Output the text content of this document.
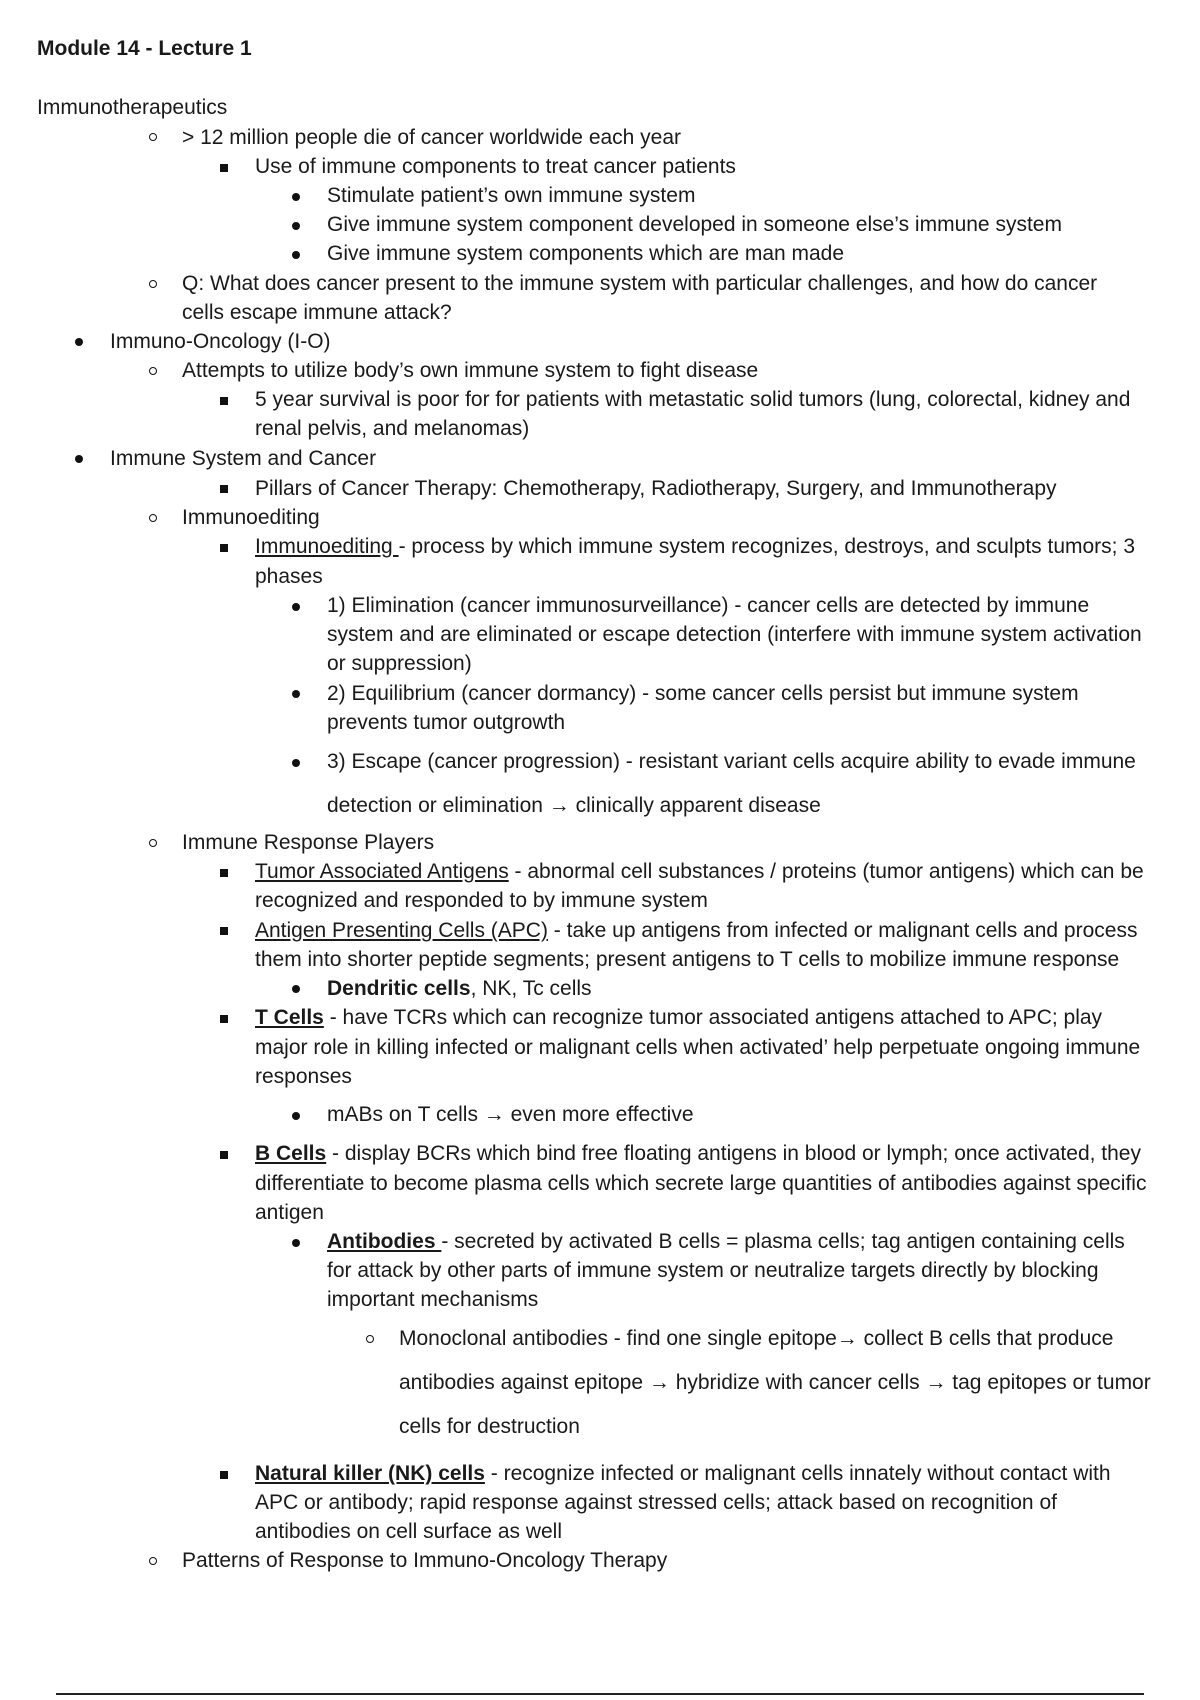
Module 14 - Lecture 1
Immunotherapeutics
> 12 million people die of cancer worldwide each year
Use of immune components to treat cancer patients
Stimulate patient’s own immune system
Give immune system component developed in someone else’s immune system
Give immune system components which are man made
Q: What does cancer present to the immune system with particular challenges, and how do cancer
cells escape immune attack?
Immuno-Oncology (I-O)
Attempts to utilize body’s own immune system to fight disease
5 year survival is poor for for patients with metastatic solid tumors (lung, colorectal, kidney and
renal pelvis, and melanomas)
Immune System and Cancer
Pillars of Cancer Therapy: Chemotherapy, Radiotherapy, Surgery, and Immunotherapy
Immunoediting
Immunoediting - process by which immune system recognizes, destroys, and sculpts tumors; 3
phases
1) Elimination (cancer immunosurveillance) - cancer cells are detected by immune
system and are eliminated or escape detection (interfere with immune system activation
or suppression)
2) Equilibrium (cancer dormancy) - some cancer cells persist but immune system
prevents tumor outgrowth
3) Escape (cancer progression) - resistant variant cells acquire ability to evade immune
detection or elimination → clinically apparent disease
Immune Response Players
Tumor Associated Antigens - abnormal cell substances / proteins (tumor antigens) which can be
recognized and responded to by immune system
Antigen Presenting Cells (APC) - take up antigens from infected or malignant cells and process
them into shorter peptide segments; present antigens to T cells to mobilize immune response
Dendritic cells, NK, Tc cells
T Cells - have TCRs which can recognize tumor associated antigens attached to APC; play
major role in killing infected or malignant cells when activated’ help perpetuate ongoing immune
responses
mABs on T cells → even more effective
B Cells - display BCRs which bind free floating antigens in blood or lymph; once activated, they
differentiate to become plasma cells which secrete large quantities of antibodies against specific
antigen
Antibodies - secreted by activated B cells = plasma cells; tag antigen containing cells
for attack by other parts of immune system or neutralize targets directly by blocking
important mechanisms
Monoclonal antibodies - find one single epitope→ collect B cells that produce
antibodies against epitope → hybridize with cancer cells → tag epitopes or tumor
cells for destruction
Natural killer (NK) cells - recognize infected or malignant cells innately without contact with
APC or antibody; rapid response against stressed cells; attack based on recognition of
antibodies on cell surface as well
Patterns of Response to Immuno-Oncology Therapy
